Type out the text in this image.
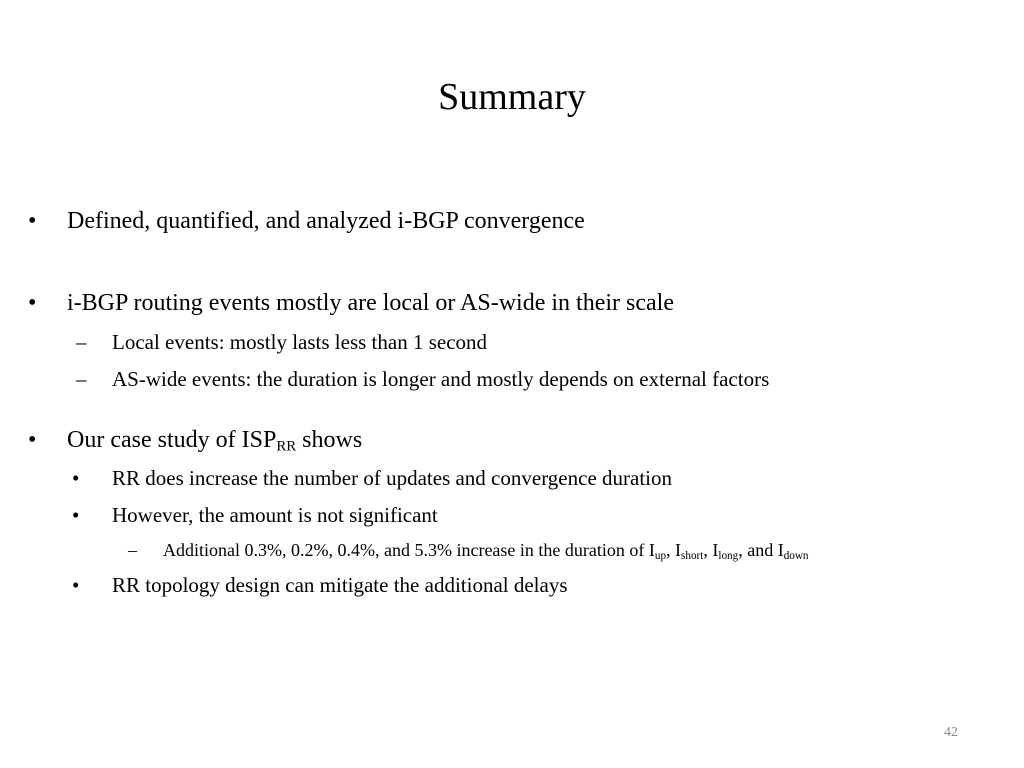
Summary
• Defined, quantified, and analyzed i-BGP convergence
• i-BGP routing events mostly are local or AS-wide in their scale
– Local events: mostly lasts less than 1 second
– AS-wide events: the duration is longer and mostly depends on external factors
• Our case study of $ISP_{RR}$ shows
• RR does increase the number of updates and convergence duration
• However, the amount is not significant
– Additional 0.3%, 0.2%, 0.4%, and 5.3% increase in the duration of $I_{up}$, $I_{short}$, $I_{long}$, and $I_{down}$
• RR topology design can mitigate the additional delays
42
